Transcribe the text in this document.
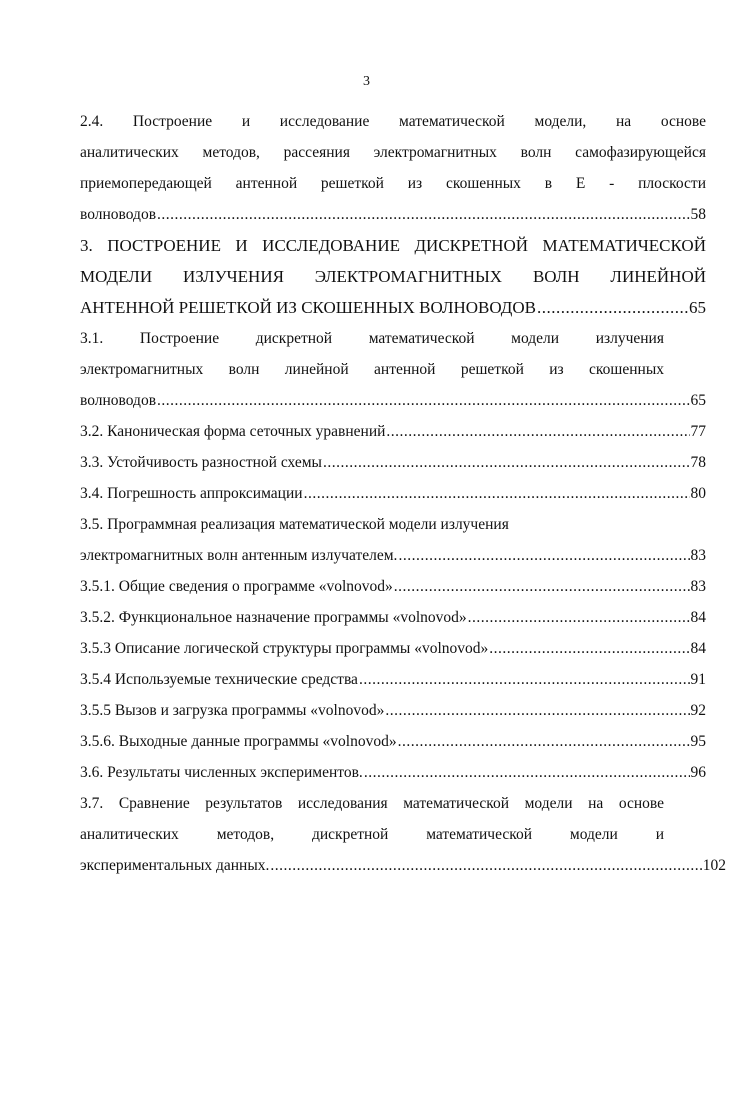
3
2.4. Построение и исследование математической модели, на основе
аналитических методов, рассеяния электромагнитных волн самофазирующейся
приемопередающей антенной решеткой из скошенных в Е - плоскости
волноводов .....	58
3. ПОСТРОЕНИЕ И ИССЛЕДОВАНИЕ ДИСКРЕТНОЙ МАТЕМАТИЧЕСКОЙ
МОДЕЛИ ИЗЛУЧЕНИЯ ЭЛЕКТРОМАГНИТНЫХ ВОЛН ЛИНЕЙНОЙ
АНТЕННОЙ РЕШЕТКОЙ ИЗ СКОШЕННЫХ ВОЛНОВОДОВ .....	65
3.1. Построение дискретной математической модели излучения
электромагнитных волн линейной антенной решеткой из скошенных
волноводов .....	65
3.2. Каноническая форма сеточных уравнений .....	77
3.3. Устойчивость разностной схемы .....	78
3.4. Погрешность аппроксимации .....	80
3.5. Программная реализация математической модели излучения
электромагнитных волн антенным излучателем. .....	83
3.5.1. Общие сведения о программе «volnovod» .....	83
3.5.2. Функциональное назначение программы «volnovod» .....	84
3.5.3 Описание логической структуры программы «volnovod» .....	84
3.5.4 Используемые технические средства .....	91
3.5.5 Вызов и загрузка программы «volnovod» .....	92
3.5.6. Выходные данные программы «volnovod» .....	95
3.6. Результаты численных экспериментов. .....	96
3.7. Сравнение результатов исследования математической модели на основе
аналитических методов, дискретной математической модели и
экспериментальных данных. .....	102
